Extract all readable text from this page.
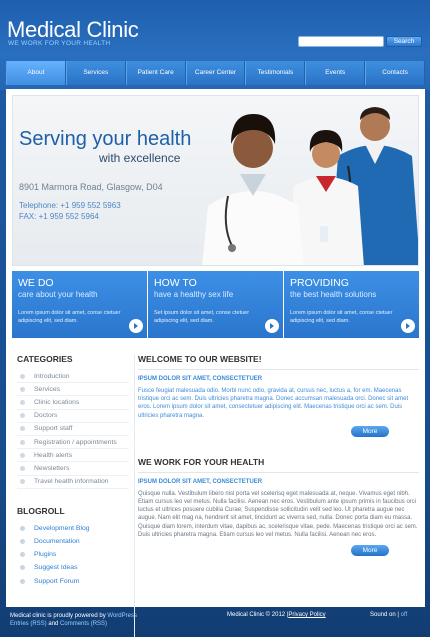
Medical Clinic
WE WORK FOR YOUR HEALTH	Search
About	Services	Patient Care	Career Center	Testimonials	Events	Contacts
Serving your health
with excellence
8901 Marmora Road, Glasgow, D04
Telephone: +1 959 552 5963
FAX: +1 959 552 5964
WE DO
care about your health
Lorem ipsum dolor sit amet, conse ctetuer adipiscing elit, sed diam.
HOW TO
have a healthy sex life
Set ipsum dolor sit amet, conse ctetuer adipiscing elit, sed diam.
PROVIDING
the best health solutions
Lorem ipsum dolor sit amet, conse ctetuer adipiscing elit, sed diam.
CATEGORIES
Introduction
Services
Clinic locations
Doctors
Support staff
Registration / appointments
Health alerts
Newsletters
Travel health information
BLOGROLL
Development Blog
Documentation
Plugins
Suggest Ideas
Support Forum
WELCOME TO OUR WEBSITE!
IPSUM DOLOR SIT AMET, CONSECTETUER
Fusce feugiat malesuada odio. Morbi nunc odio, gravida at, cursus nec, luctus a, for em. Maecenas tristique orci ac sem. Duis ultricies pharetra magna. Donec accumsan malesuada orci. Donec sit amet eros. Lorem ipsum dolor sit amet, consectetuer adipiscing elit. Maecenas tristique orci ac sem. Duis ultricies pharetra magna.
More
WE WORK FOR YOUR HEALTH
IPSUM DOLOR SIT AMET, CONSECTETUER
Quisque nulla. Vestibulum libero nisl porta vel scelerisq eget malesuada at, neque. Vivamus eget nibh. Etiam cursus leo vel metus. Nulla facilisi. Aenean nec eros. Vestibulum ante ipsum primis in faucibus orci luctus et ultrices posuere cubilia Curae; Suspendisse sollicitudin velit sed leo. Ut pharetra augue nec augue. Nam elit mag na, hendrerit sit amet, tincidunt ac viverra sed, nulla. Donec porta diam eu massa. Quisque diam lorem, interdum vitae, dapibus ac, scelerisque vitae, pede. Maecenas tristique orci ac sem. Duis ultricies pharetra magna. Etiam cursus leo vel metus. Nulla facilisi. Aenean nec eros.
More
Medical clinic is proudly powered by WordPress
Entries (RSS) and Comments (RSS)
Medical Clinic © 2012 |Privacy Policy	Sound on | off
